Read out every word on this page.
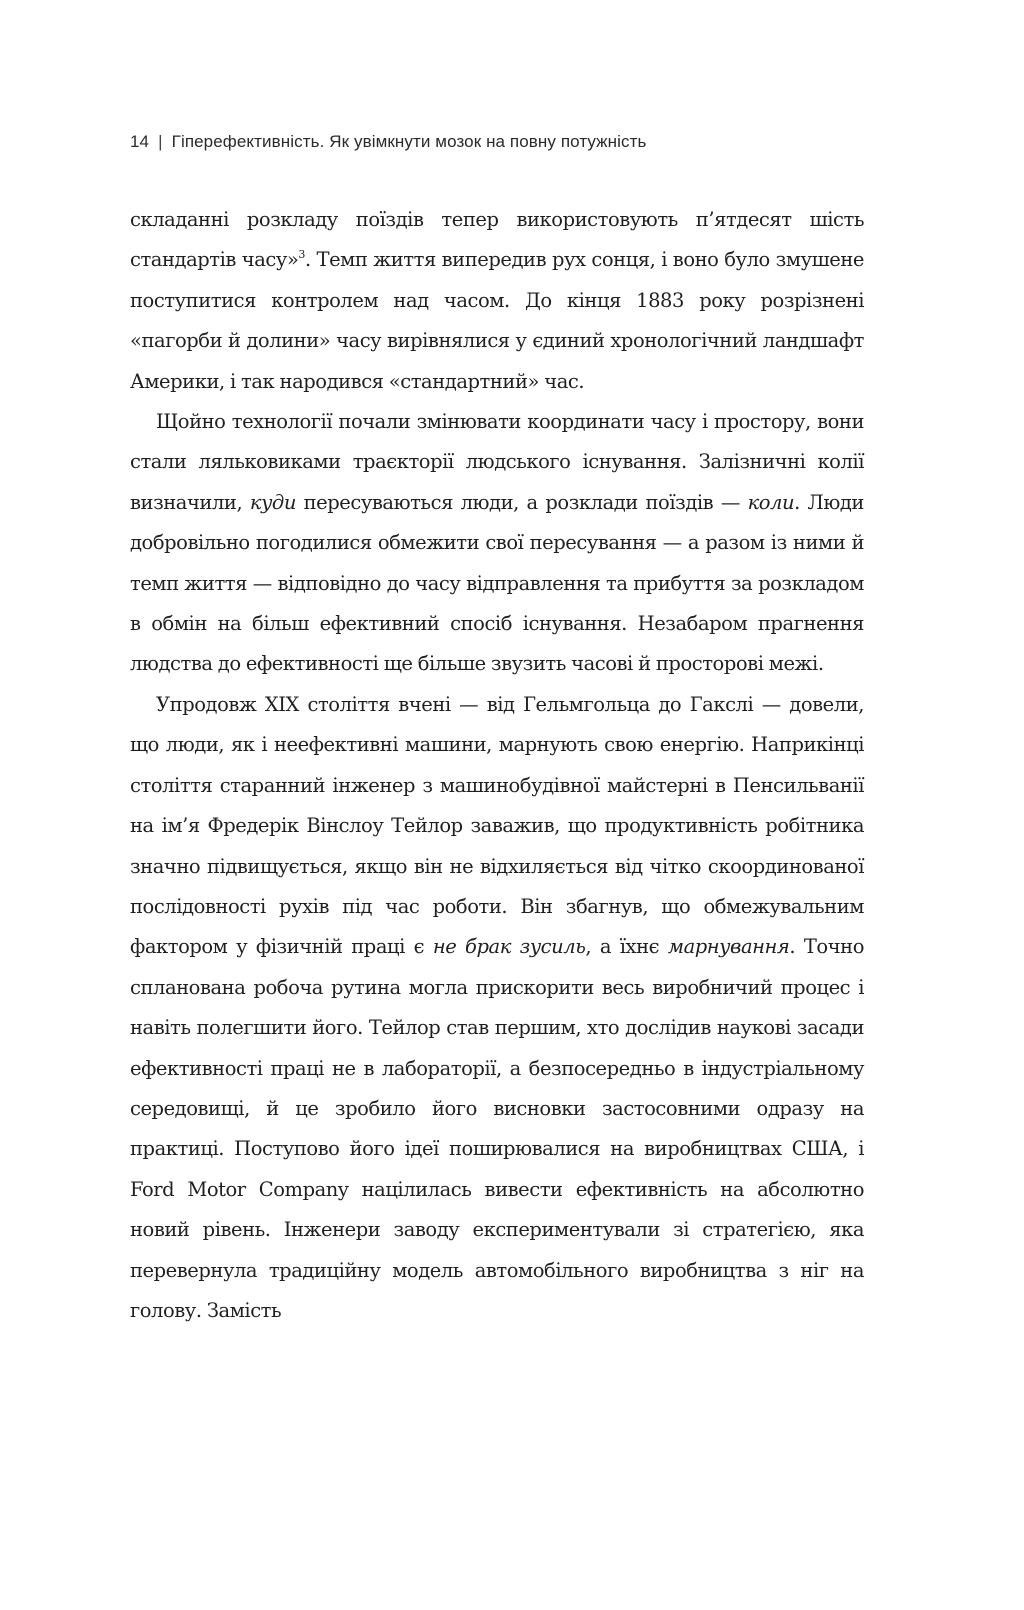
14 | Гіперефективність. Як увімкнути мозок на повну потужність

складанні розкладу поїздів тепер використовують п’ятдесят шість стандартів часу»$^3$. Темп життя випередив рух сонця, і воно було змушене поступитися контролем над часом. До кінця 1883 року розрізнені «пагорби й долини» часу вирівнялися у єдиний хронологічний ландшафт Америки, і так народився «стандартний» час.

Щойно технології почали змінювати координати часу і простору, вони стали лялькoвиками траєкторії людського існування. Залізничні колії визначили, куди пересуваються люди, а розклади поїздів — коли. Люди добровільно погодилися обмежити свої пересування — а разом із ними й темп життя — відповідно до часу відправлення та прибуття за розкладом в обмін на більш ефективний спосіб існування. Незабаром прагнення людства до ефективності ще більше звузить часові й просторові межі.

Упродовж XIX століття вчені — від Гельмгольца до Гакслі — довели, що люди, як і неефективні машини, марнують свою енергію. Наприкінці століття старанний інженер з машинобудівної майстерні в Пенсильванії на ім’я Фредерік Вінслоу Тейлор заважив, що продуктивність робітника значно підвищується, якщо він не відхиляється від чітко скоординованої послідовності рухів під час роботи. Він збагнув, що обмежувальним фактором у фізичній праці є не брак зусиль, а їхнє марнування. Точно спланована робоча рутина могла прискорити весь виробничий процес і навіть полегшити його. Тейлор став першим, хто дослідив наукові засади ефективності праці не в лабораторії, а безпосередньо в індустріальному середовищі, й це зробило його висновки застосовними одразу на практиці. Поступово його ідеї поширювалися на виробництвах США, і Ford Motor Company націлилась вивести ефективність на абсолютно новий рівень. Інженери заводу експериментували зі стратегією, яка перевернула традиційну модель автомобільного виробництва з ніг на голову. Замість
